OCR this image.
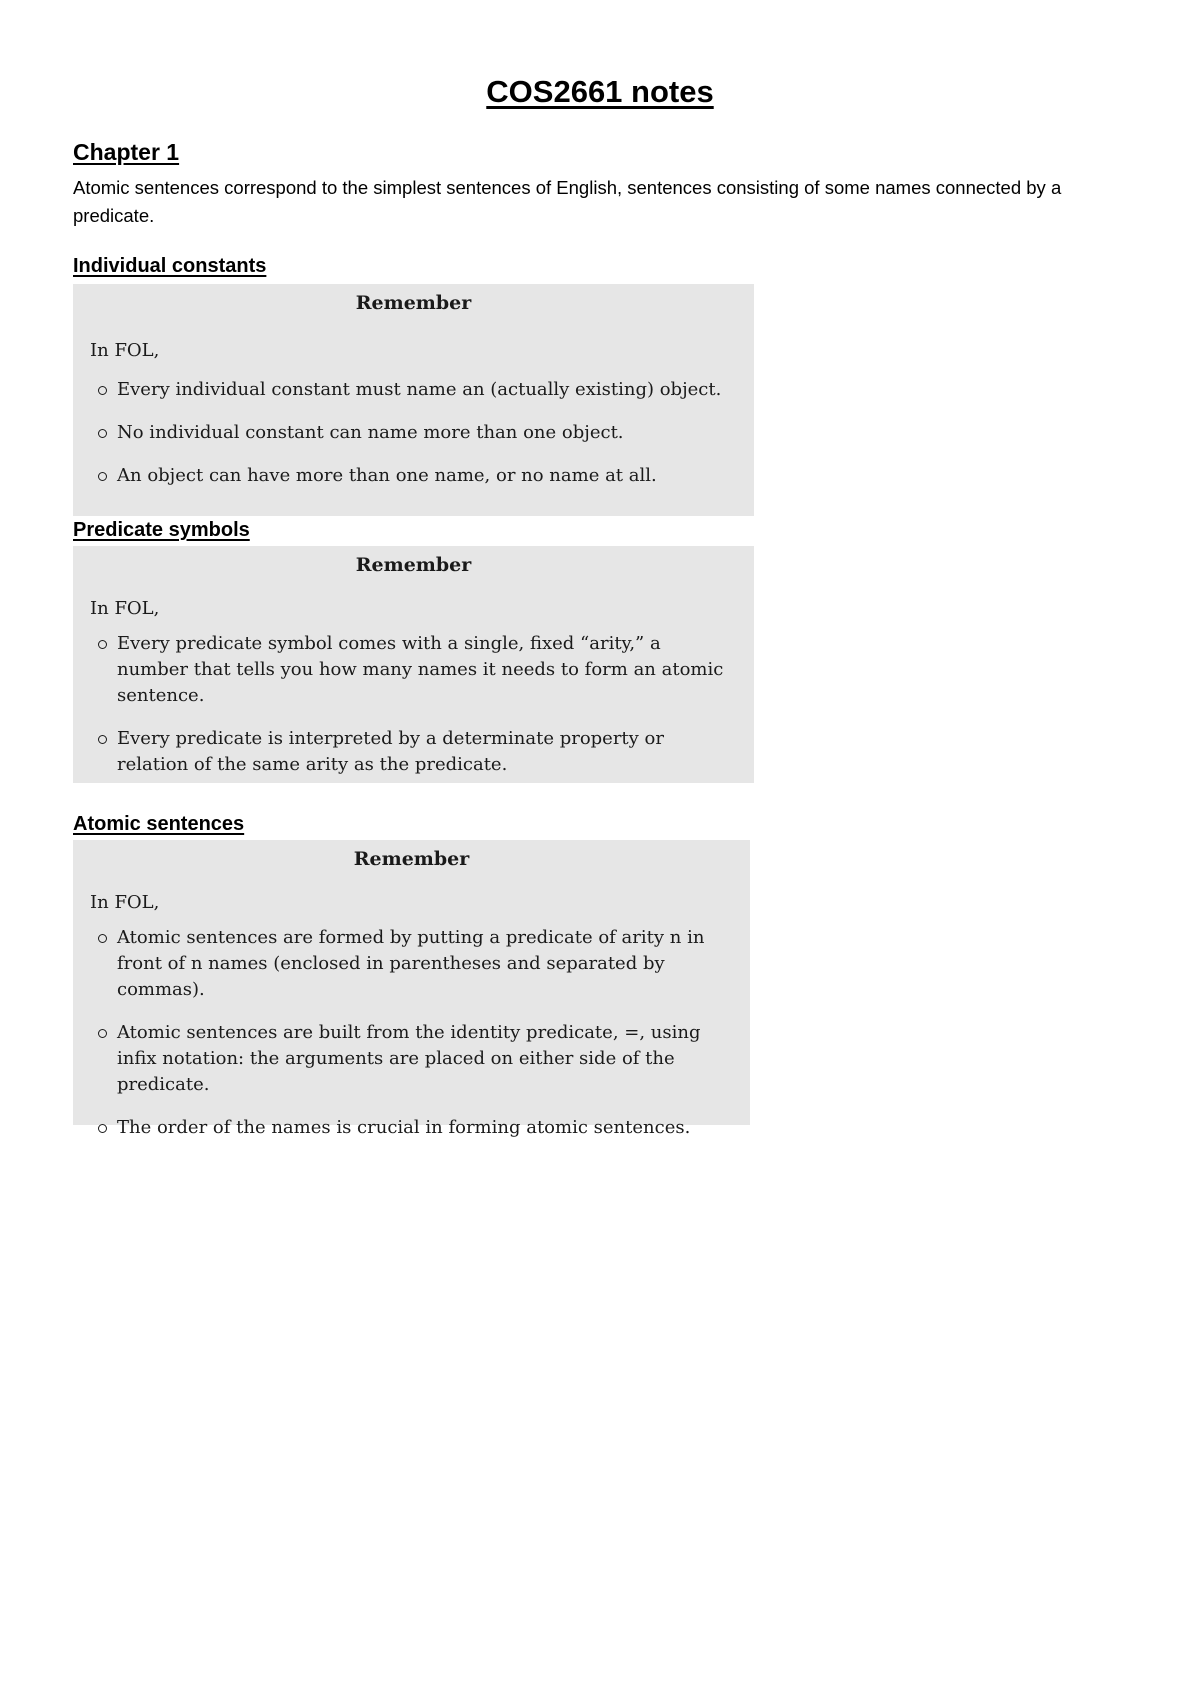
COS2661 notes
Chapter 1

Atomic sentences correspond to the simplest sentences of English, sentences consisting of some names connected by a predicate.

Individual constants

Remember

In FOL,

Every individual constant must name an (actually existing) object.
No individual constant can name more than one object.
An object can have more than one name, or no name at all.
Predicate symbols

Remember

In FOL,

Every predicate symbol comes with a single, fixed “arity,” a number that tells you how many names it needs to form an atomic sentence.
Every predicate is interpreted by a determinate property or relation of the same arity as the predicate.
Atomic sentences

Remember

In FOL,

Atomic sentences are formed by putting a predicate of arity n in front of n names (enclosed in parentheses and separated by commas).
Atomic sentences are built from the identity predicate, =, using infix notation: the arguments are placed on either side of the predicate.
The order of the names is crucial in forming atomic sentences.
